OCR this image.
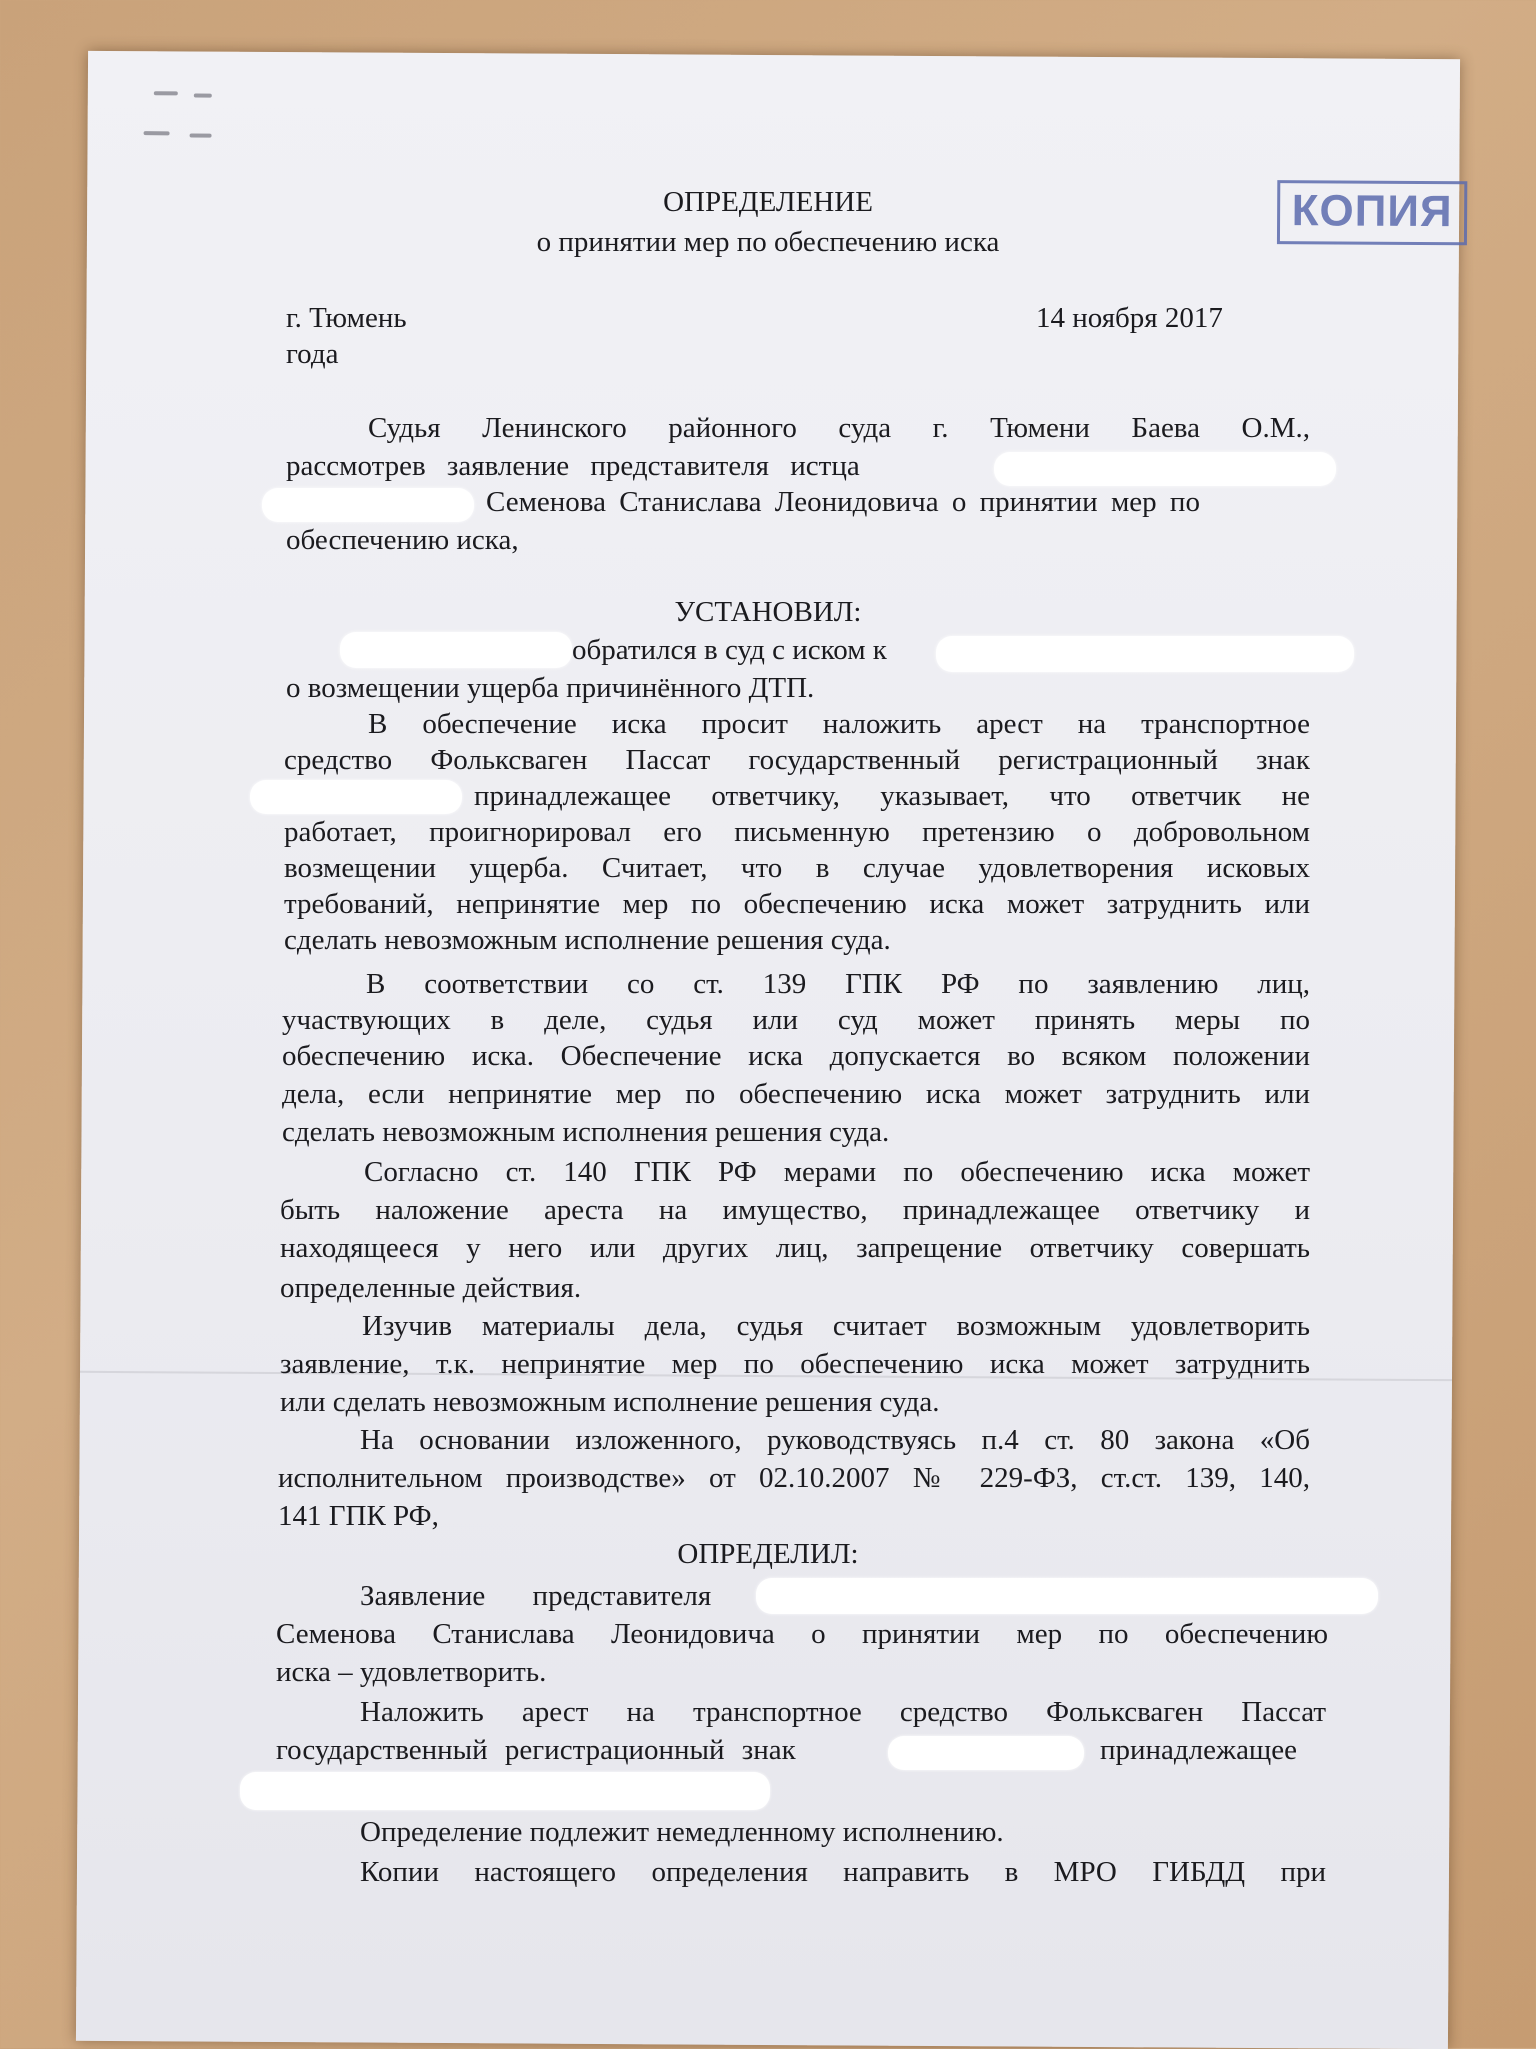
КОПИЯ
ОПРЕДЕЛЕНИЕ
о принятии мер по обеспечению иска
г. Тюмень	14 ноября 2017
года
Судья Ленинского районного суда г. Тюмени Баева О.М.,
рассмотрев заявление представителя истца
Семенова Станислава Леонидовича о принятии мер по
обеспечению иска,
УСТАНОВИЛ:
обратился в суд с иском к
о возмещении ущерба причинённого ДТП.
В обеспечение иска просит наложить арест на транспортное
средство Фольксваген Пассат государственный регистрационный знак
принадлежащее ответчику, указывает, что ответчик не
работает, проигнорировал его письменную претензию о добровольном
возмещении ущерба. Считает, что в случае удовлетворения исковых
требований, непринятие мер по обеспечению иска может затруднить или
сделать невозможным исполнение решения суда.
В соответствии со ст. 139 ГПК РФ по заявлению лиц,
участвующих в деле, судья или суд может принять меры по
обеспечению иска. Обеспечение иска допускается во всяком положении
дела, если непринятие мер по обеспечению иска может затруднить или
сделать невозможным исполнения решения суда.
Согласно ст. 140 ГПК РФ мерами по обеспечению иска может
быть наложение ареста на имущество, принадлежащее ответчику и
находящееся у него или других лиц, запрещение ответчику совершать
определенные действия.
Изучив материалы дела, судья считает возможным удовлетворить
заявление, т.к. непринятие мер по обеспечению иска может затруднить
или сделать невозможным исполнение решения суда.
На основании изложенного, руководствуясь п.4 ст. 80 закона «Об
исполнительном производстве» от 02.10.2007 № 229-ФЗ, ст.ст. 139, 140,
141 ГПК РФ,
ОПРЕДЕЛИЛ:
Заявление представителя
Семенова Станислава Леонидовича о принятии мер по обеспечению
иска – удовлетворить.
Наложить арест на транспортное средство Фольксваген Пассат
государственный регистрационный знак	принадлежащее
Определение подлежит немедленному исполнению.
Копии настоящего определения направить в МРО ГИБДД при
